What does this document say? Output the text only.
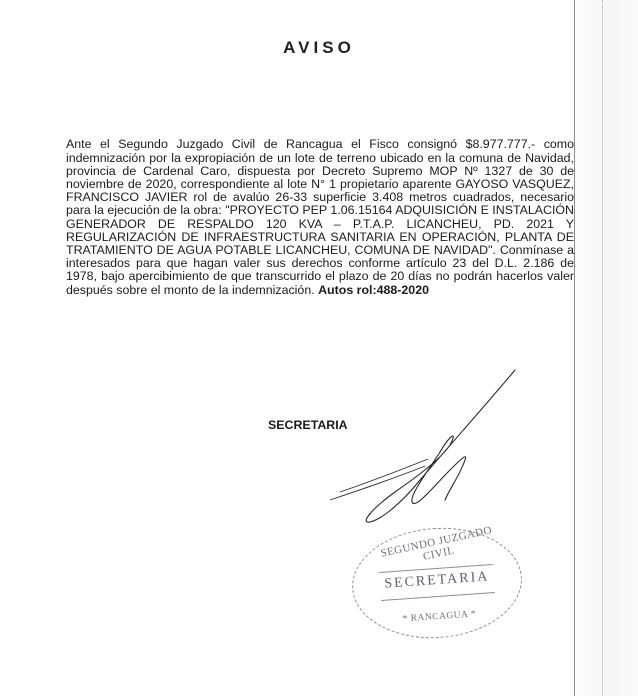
AVISO

Ante el Segundo Juzgado Civil de Rancagua el Fisco consignó $8.977.777.- como indemnización por la expropiación de un lote de terreno ubicado en la comuna de Navidad, provincia de Cardenal Caro, dispuesta por Decreto Supremo MOP Nº 1327 de 30 de noviembre de 2020, correspondiente al lote N° 1 propietario aparente GAYOSO VASQUEZ, FRANCISCO JAVIER rol de avalúo 26-33 superficie 3.408 metros cuadrados, necesario para la ejecución de la obra: "PROYECTO PEP 1.06.15164 ADQUISICIÓN E INSTALACIÓN GENERADOR DE RESPALDO 120 KVA – P.T.A.P. LICANCHEU, PD. 2021 Y REGULARIZACIÓN DE INFRAESTRUCTURA SANITARIA EN OPERACIÓN, PLANTA DE TRATAMIENTO DE AGUA POTABLE LICANCHEU, COMUNA DE NAVIDAD". Conmínase a interesados para que hagan valer sus derechos conforme artículo 23 del D.L. 2.186 de 1978, bajo apercibimiento de que transcurrido el plazo de 20 días no podrán hacerlos valer después sobre el monto de la indemnización. Autos rol:488-2020

SECRETARIA
SEGUNDO JUZGADO CIVIL
SECRETARIA
* RANCAGUA *
